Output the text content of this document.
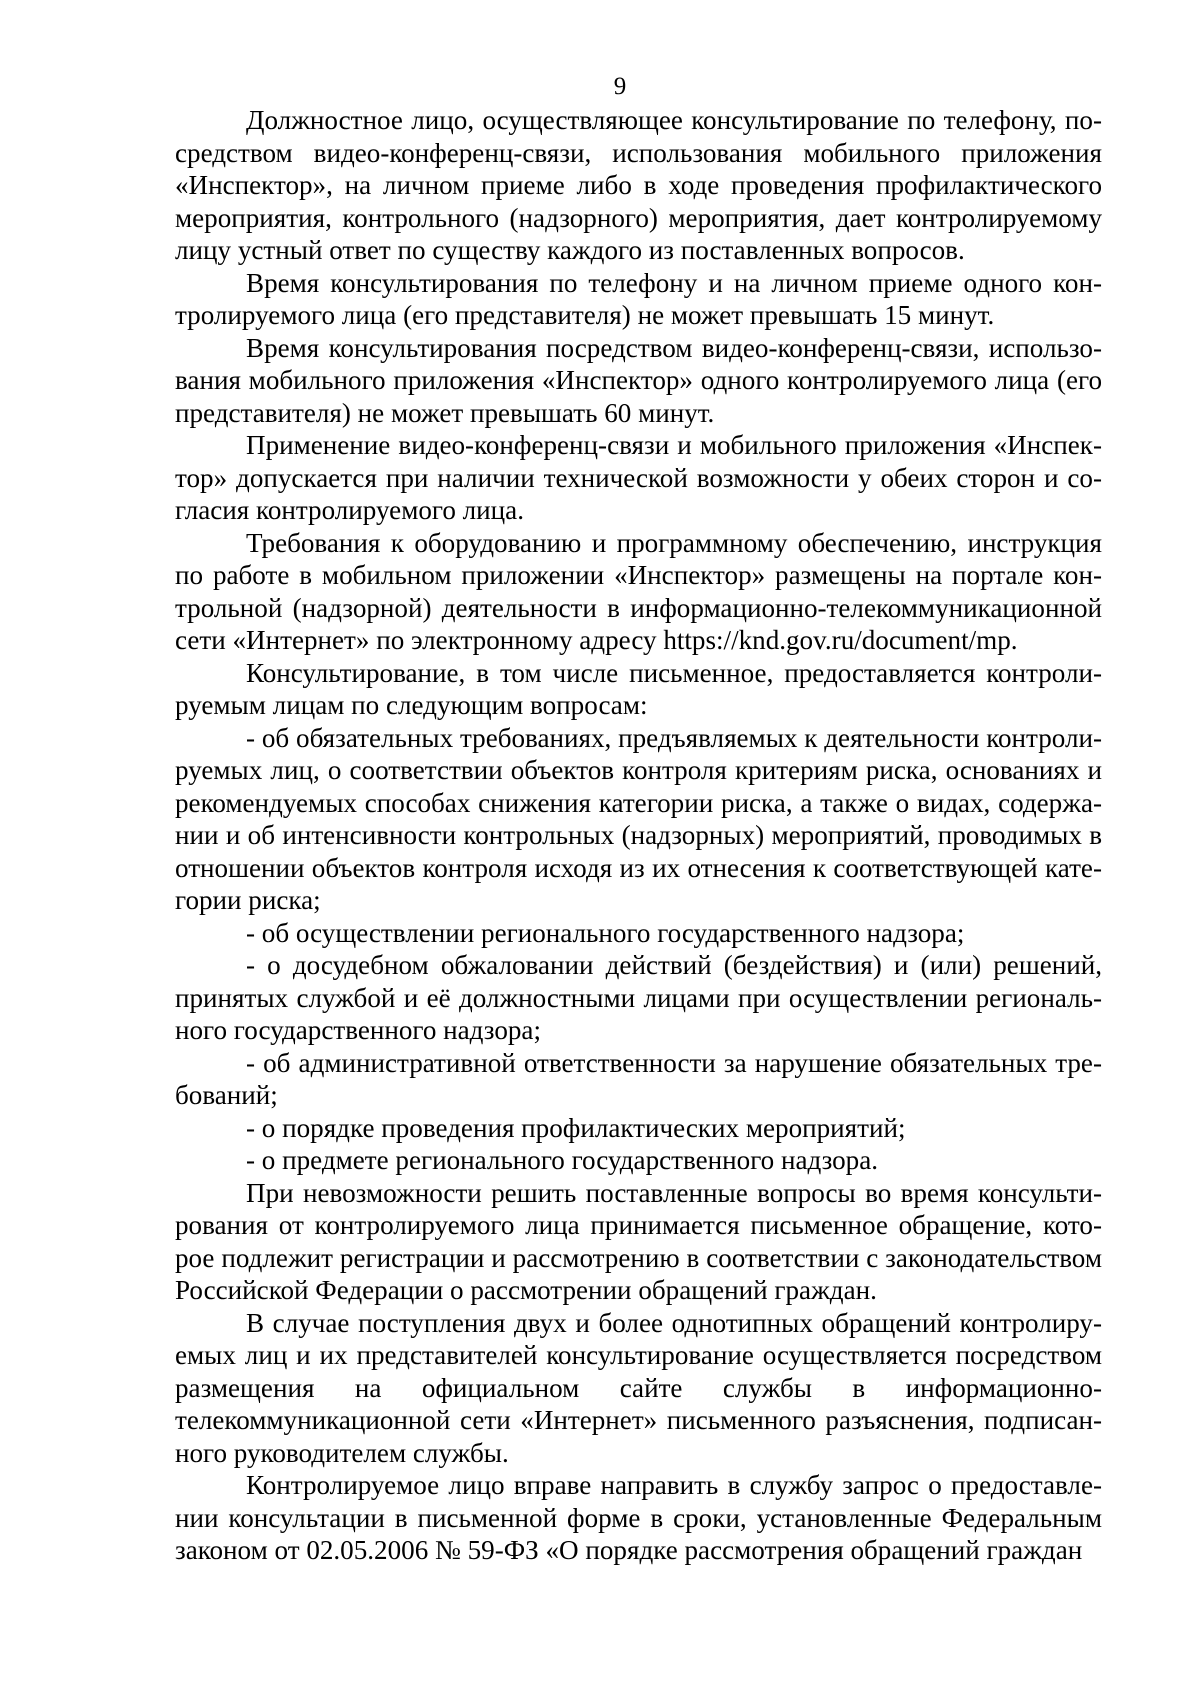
9

Должностное лицо, осуществляющее консультирование по телефону, посредством видео-конференц-связи, использования мобильного приложения «Инспектор», на личном приеме либо в ходе проведения профилактического мероприятия, контрольного (надзорного) мероприятия, дает контролируемому лицу устный ответ по существу каждого из поставленных вопросов.

Время консультирования по телефону и на личном приеме одного контролируемого лица (его представителя) не может превышать 15 минут.

Время консультирования посредством видео-конференц-связи, использования мобильного приложения «Инспектор» одного контролируемого лица (его представителя) не может превышать 60 минут.

Применение видео-конференц-связи и мобильного приложения «Инспектор» допускается при наличии технической возможности у обеих сторон и согласия контролируемого лица.

Требования к оборудованию и программному обеспечению, инструкция по работе в мобильном приложении «Инспектор» размещены на портале контрольной (надзорной) деятельности в информационно-телекоммуникационной сети «Интернет» по электронному адресу https://knd.gov.ru/document/mp.

Консультирование, в том числе письменное, предоставляется контролируемым лицам по следующим вопросам:

- об обязательных требованиях, предъявляемых к деятельности контролируемых лиц, о соответствии объектов контроля критериям риска, основаниях и рекомендуемых способах снижения категории риска, а также о видах, содержании и об интенсивности контрольных (надзорных) мероприятий, проводимых в отношении объектов контроля исходя из их отнесения к соответствующей категории риска;

- об осуществлении регионального государственного надзора;

- о досудебном обжаловании действий (бездействия) и (или) решений, принятых службой и её должностными лицами при осуществлении регионального государственного надзора;

- об административной ответственности за нарушение обязательных требований;

- о порядке проведения профилактических мероприятий;

- о предмете регионального государственного надзора.

При невозможности решить поставленные вопросы во время консультирования от контролируемого лица принимается письменное обращение, которое подлежит регистрации и рассмотрению в соответствии с законодательством Российской Федерации о рассмотрении обращений граждан.

В случае поступления двух и более однотипных обращений контролируемых лиц и их представителей консультирование осуществляется посредством размещения на официальном сайте службы в информационно-телекоммуникационной сети «Интернет» письменного разъяснения, подписанного руководителем службы.

Контролируемое лицо вправе направить в службу запрос о предоставлении консультации в письменной форме в сроки, установленные Федеральным законом от 02.05.2006 № 59-ФЗ «О порядке рассмотрения обращений граждан
